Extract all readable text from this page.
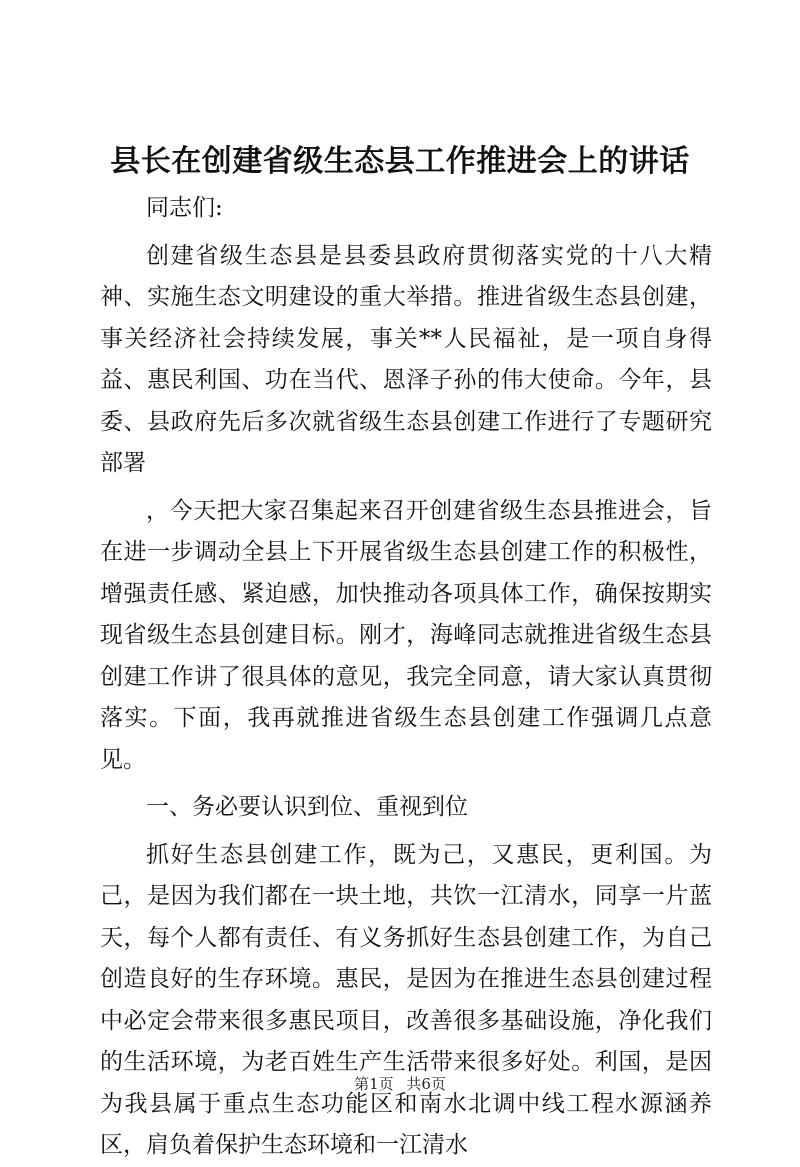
县长在创建省级生态县工作推进会上的讲话

同志们:

创建省级生态县是县委县政府贯彻落实党的十八大精神、实施生态文明建设的重大举措。推进省级生态县创建，事关经济社会持续发展，事关**人民福祉，是一项自身得益、惠民利国、功在当代、恩泽子孙的伟大使命。今年，县委、县政府先后多次就省级生态县创建工作进行了专题研究部署

，今天把大家召集起来召开创建省级生态县推进会，旨在进一步调动全县上下开展省级生态县创建工作的积极性，增强责任感、紧迫感，加快推动各项具体工作，确保按期实现省级生态县创建目标。刚才，海峰同志就推进省级生态县创建工作讲了很具体的意见，我完全同意，请大家认真贯彻落实。下面，我再就推进省级生态县创建工作强调几点意见。

一、务必要认识到位、重视到位

抓好生态县创建工作，既为己，又惠民，更利国。为己，是因为我们都在一块土地，共饮一江清水，同享一片蓝天，每个人都有责任、有义务抓好生态县创建工作，为自己创造良好的生存环境。惠民，是因为在推进生态县创建过程中必定会带来很多惠民项目，改善很多基础设施，净化我们的生活环境，为老百姓生产生活带来很多好处。利国，是因为我县属于重点生态功能区和南水北调中线工程水源涵养区，肩负着保护生态环境和一江清水

第1页 共6页
